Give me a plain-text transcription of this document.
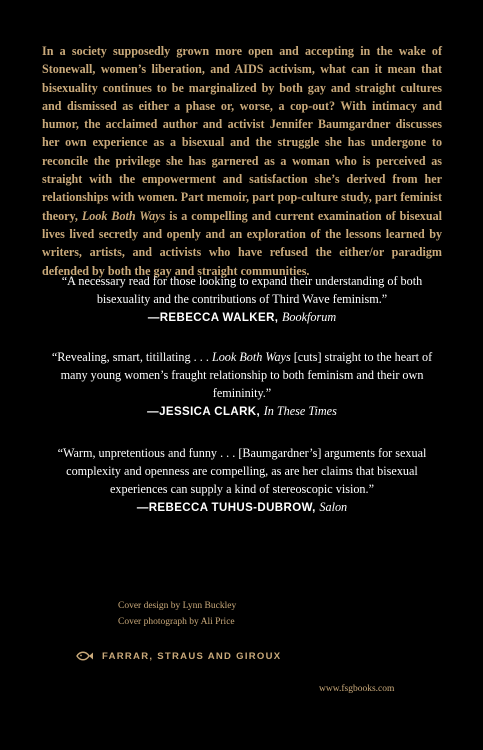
In a society supposedly grown more open and accepting in the wake of Stonewall, women’s liberation, and AIDS activism, what can it mean that bisexuality continues to be marginalized by both gay and straight cultures and dismissed as either a phase or, worse, a cop-out? With intimacy and humor, the acclaimed author and activist Jennifer Baumgardner discusses her own experience as a bisexual and the struggle she has undergone to reconcile the privilege she has garnered as a woman who is perceived as straight with the empowerment and satisfaction she’s derived from her relationships with women. Part memoir, part pop-culture study, part feminist theory, Look Both Ways is a compelling and current examination of bisexual lives lived secretly and openly and an exploration of the lessons learned by writers, artists, and activists who have refused the either/or paradigm defended by both the gay and straight communities.
“A necessary read for those looking to expand their understanding of both bisexuality and the contributions of Third Wave feminism.”
—REBECCA WALKER, Bookforum
“Revealing, smart, titillating . . . Look Both Ways [cuts] straight to the heart of many young women’s fraught relationship to both feminism and their own femininity.”
—JESSICA CLARK, In These Times
“Warm, unpretentious and funny . . . [Baumgardner’s] arguments for sexual complexity and openness are compelling, as are her claims that bisexual experiences can supply a kind of stereoscopic vision.”
—REBECCA TUHUS-DUBROW, Salon
Cover design by Lynn Buckley
Cover photograph by Ali Price
FARRAR, STRAUS AND GIROUX
www.fsgbooks.com
